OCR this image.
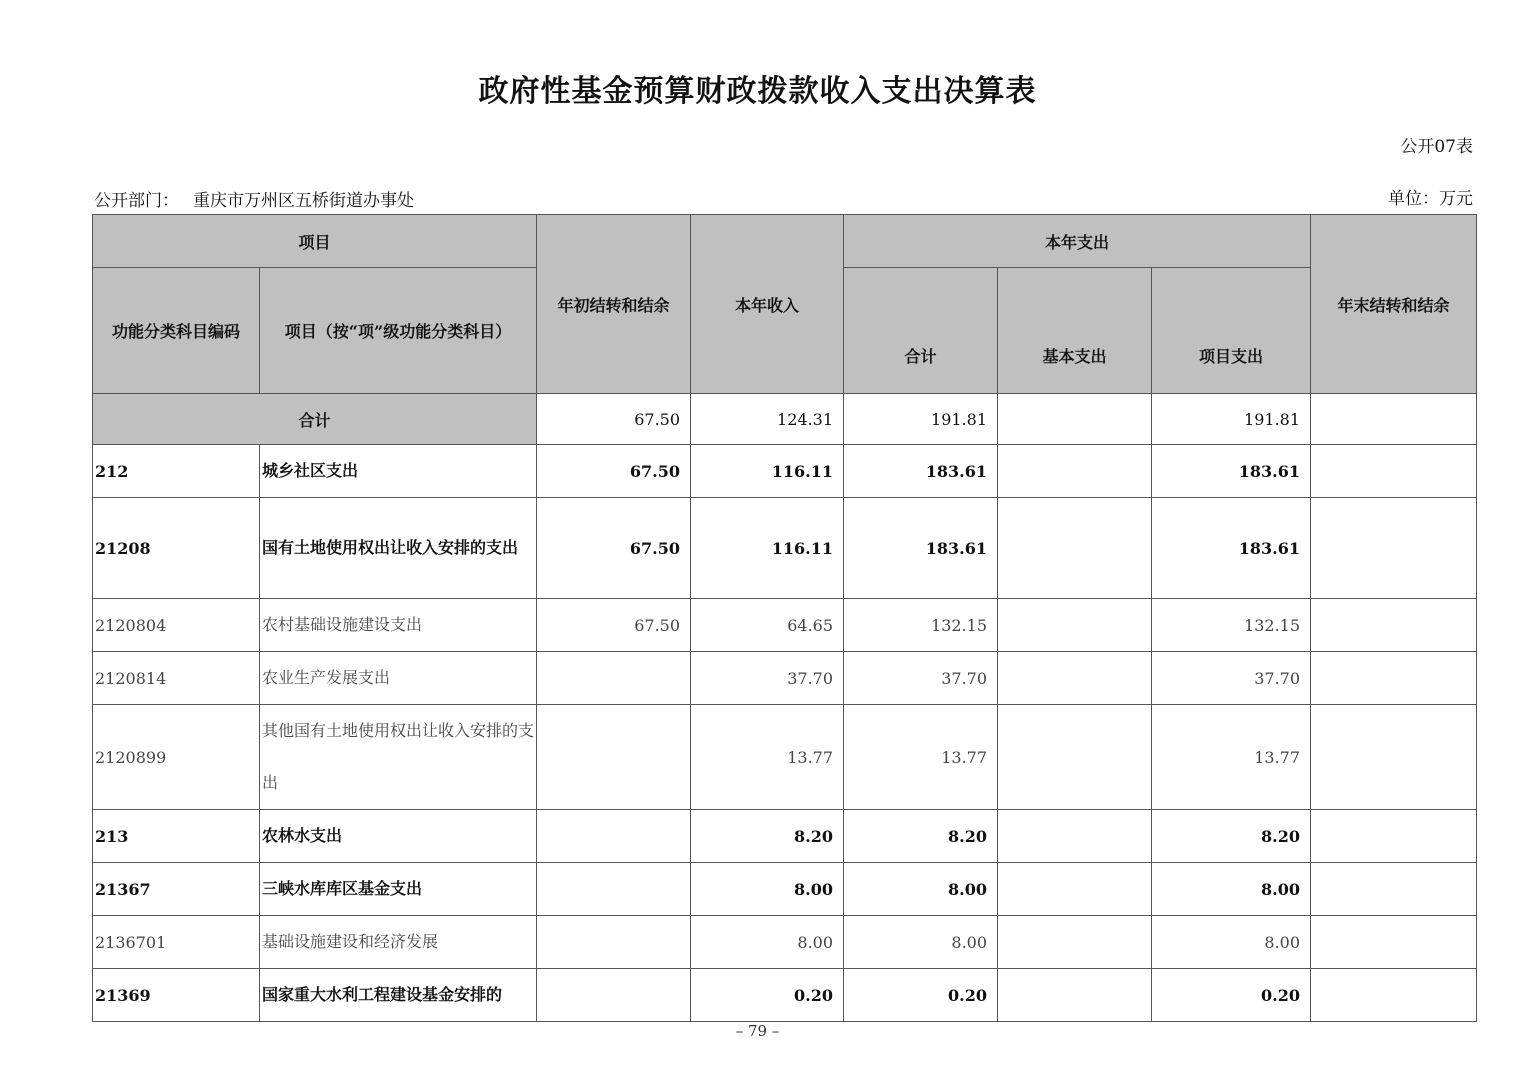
政府性基金预算财政拨款收入支出决算表
公开07表
公开部门： 重庆市万州区五桥街道办事处	单位：万元
项目		年初结转和结余	本年收入	本年支出			年末结转和结余
功能分类科目编码	项目（按“项”级功能分类科目）			合计	基本支出	项目支出	
合计		67.50	124.31	191.81		191.81	
212	城乡社区支出	67.50	116.11	183.61		183.61	
21208	国有土地使用权出让收入安排的支出	67.50	116.11	183.61		183.61	
2120804	农村基础设施建设支出	67.50	64.65	132.15		132.15	
2120814	农业生产发展支出		37.70	37.70		37.70	
2120899	其他国有土地使用权出让收入安排的支出		13.77	13.77		13.77	
213	农林水支出		8.20	8.20		8.20	
21367	三峡水库库区基金支出		8.00	8.00		8.00	
2136701	基础设施建设和经济发展		8.00	8.00		8.00	
21369	国家重大水利工程建设基金安排的		0.20	0.20		0.20	
– 79 –
